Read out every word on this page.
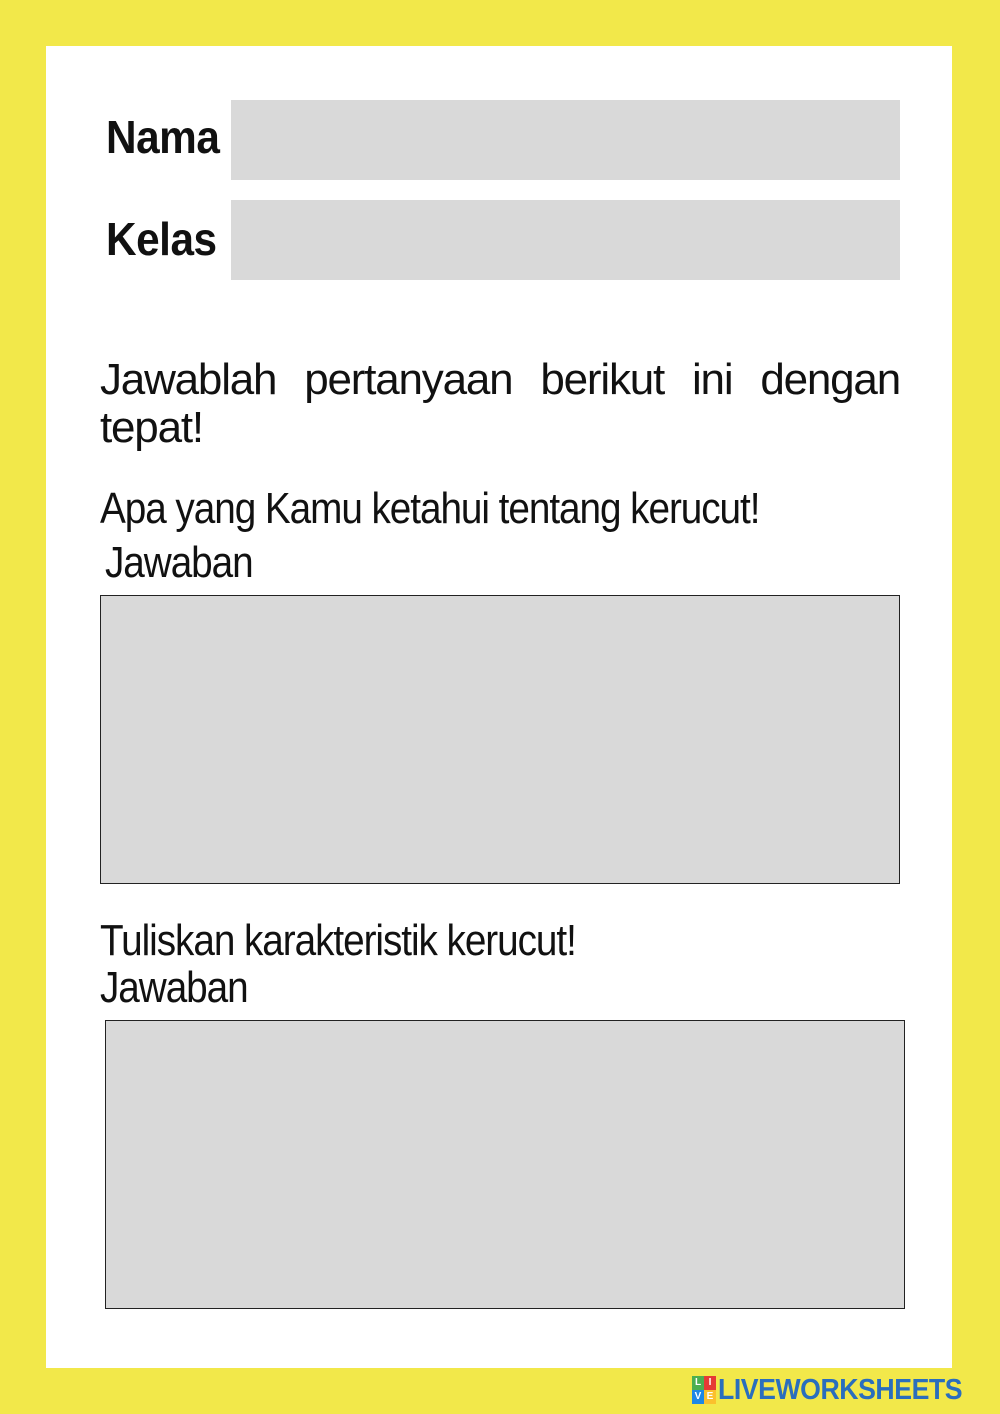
Nama
Kelas
Jawablah pertanyaan berikut ini dengan
tepat!
Apa yang Kamu ketahui tentang kerucut!
Jawaban
Tuliskan karakteristik kerucut!
Jawaban
L I
V E LIVEWORKSHEETS
